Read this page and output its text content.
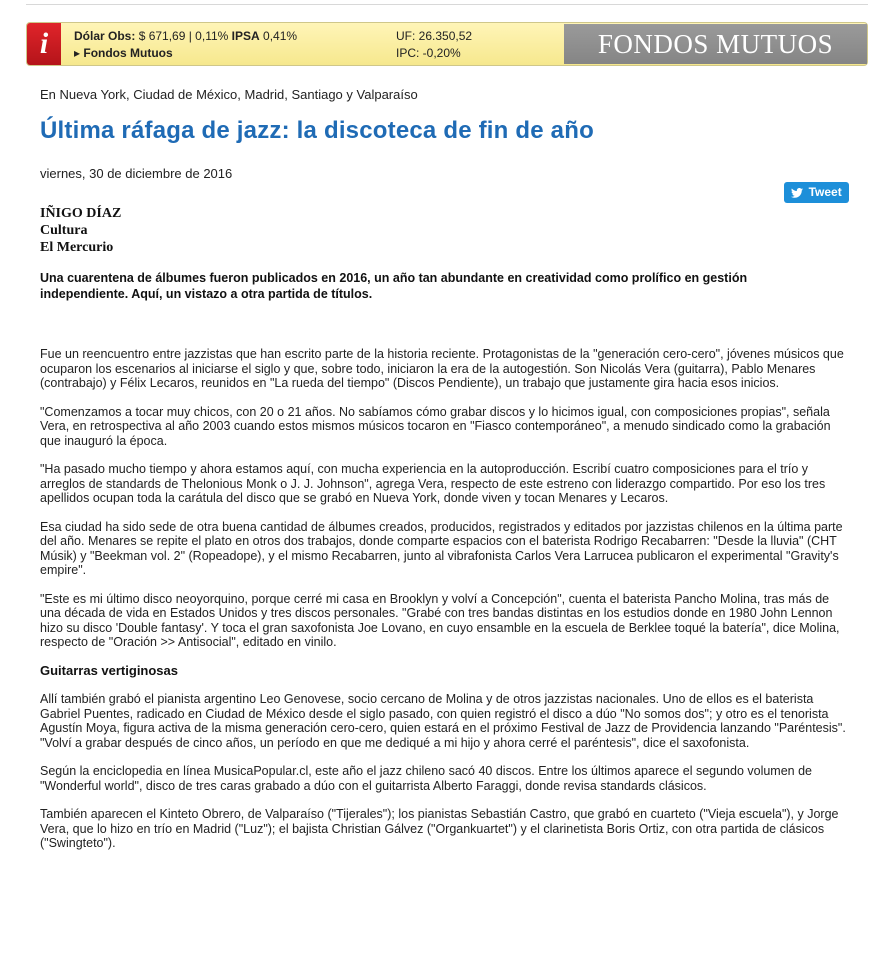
i	Dólar Obs: $ 671,69 | 0,11% IPSA 0,41%
▸ Fondos Mutuos
UF: 26.350,52
IPC: -0,20%	FONDOS MUTUOS
En Nueva York, Ciudad de México, Madrid, Santiago y Valparaíso
Última ráfaga de jazz: la discoteca de fin de año
viernes, 30 de diciembre de 2016
Tweet
IÑIGO DÍAZ
Cultura
El Mercurio
Una cuarentena de álbumes fueron publicados en 2016, un año tan abundante en creatividad como prolífico en gestión independiente. Aquí, un vistazo a otra partida de títulos.

Fue un reencuentro entre jazzistas que han escrito parte de la historia reciente. Protagonistas de la "generación cero-cero", jóvenes músicos que ocuparon los escenarios al iniciarse el siglo y que, sobre todo, iniciaron la era de la autogestión. Son Nicolás Vera (guitarra), Pablo Menares (contrabajo) y Félix Lecaros, reunidos en "La rueda del tiempo" (Discos Pendiente), un trabajo que justamente gira hacia esos inicios.

"Comenzamos a tocar muy chicos, con 20 o 21 años. No sabíamos cómo grabar discos y lo hicimos igual, con composiciones propias", señala Vera, en retrospectiva al año 2003 cuando estos mismos músicos tocaron en "Fiasco contemporáneo", a menudo sindicado como la grabación que inauguró la época.

"Ha pasado mucho tiempo y ahora estamos aquí, con mucha experiencia en la autoproducción. Escribí cuatro composiciones para el trío y arreglos de standards de Thelonious Monk o J. J. Johnson", agrega Vera, respecto de este estreno con liderazgo compartido. Por eso los tres apellidos ocupan toda la carátula del disco que se grabó en Nueva York, donde viven y tocan Menares y Lecaros.

Esa ciudad ha sido sede de otra buena cantidad de álbumes creados, producidos, registrados y editados por jazzistas chilenos en la última parte del año. Menares se repite el plato en otros dos trabajos, donde comparte espacios con el baterista Rodrigo Recabarren: "Desde la lluvia" (CHT Músik) y "Beekman vol. 2" (Ropeadope), y el mismo Recabarren, junto al vibrafonista Carlos Vera Larrucea publicaron el experimental "Gravity's empire".

"Este es mi último disco neoyorquino, porque cerré mi casa en Brooklyn y volví a Concepción", cuenta el baterista Pancho Molina, tras más de una década de vida en Estados Unidos y tres discos personales. "Grabé con tres bandas distintas en los estudios donde en 1980 John Lennon hizo su disco 'Double fantasy'. Y toca el gran saxofonista Joe Lovano, en cuyo ensamble en la escuela de Berklee toqué la batería", dice Molina, respecto de "Oración >> Antisocial", editado en vinilo.

Guitarras vertiginosas

Allí también grabó el pianista argentino Leo Genovese, socio cercano de Molina y de otros jazzistas nacionales. Uno de ellos es el baterista Gabriel Puentes, radicado en Ciudad de México desde el siglo pasado, con quien registró el disco a dúo "No somos dos"; y otro es el tenorista Agustín Moya, figura activa de la misma generación cero-cero, quien estará en el próximo Festival de Jazz de Providencia lanzando "Paréntesis". "Volví a grabar después de cinco años, un período en que me dediqué a mi hijo y ahora cerré el paréntesis", dice el saxofonista.

Según la enciclopedia en línea MusicaPopular.cl, este año el jazz chileno sacó 40 discos. Entre los últimos aparece el segundo volumen de "Wonderful world", disco de tres caras grabado a dúo con el guitarrista Alberto Faraggi, donde revisa standards clásicos.

También aparecen el Kinteto Obrero, de Valparaíso ("Tijerales"); los pianistas Sebastián Castro, que grabó en cuarteto ("Vieja escuela"), y Jorge Vera, que lo hizo en trío en Madrid ("Luz"); el bajista Christian Gálvez ("Organkuartet") y el clarinetista Boris Ortiz, con otra partida de clásicos ("Swingteto").
